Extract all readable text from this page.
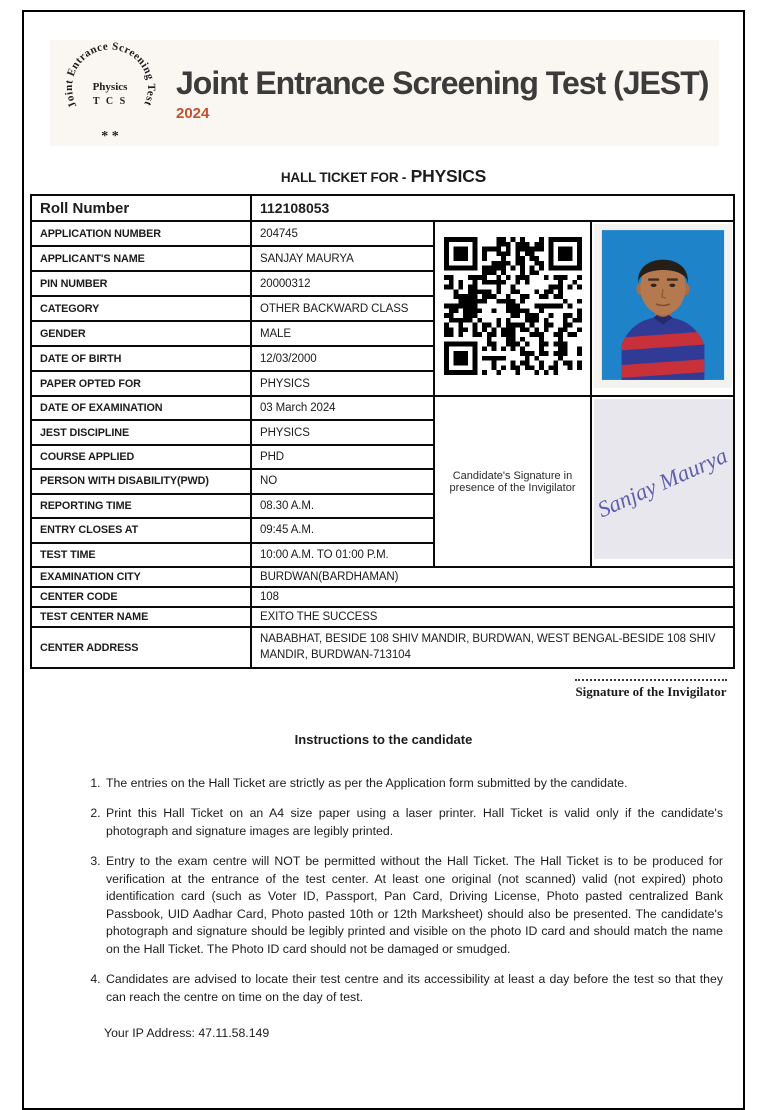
Joint Entrance Screening Test
Physics
T C S
* *
Joint Entrance Screening Test (JEST)
2024
HALL TICKET FOR - PHYSICS
Roll Number	112108053		
APPLICATION NUMBER	204745		
APPLICANT'S NAME	SANJAY MAURYA		
PIN NUMBER	20000312		
CATEGORY	OTHER BACKWARD CLASS		
GENDER	MALE		
DATE OF BIRTH	12/03/2000		
PAPER OPTED FOR	PHYSICS		
DATE OF EXAMINATION	03 March 2024	Candidate's Signature in presence of the Invigilator	Sanjay Maurya

JEST DISCIPLINE	PHYSICS		
COURSE APPLIED	PHD		
PERSON WITH DISABILITY(PWD)	NO		
REPORTING TIME	08.30 A.M.		
ENTRY CLOSES AT	09:45 A.M.		
TEST TIME	10:00 A.M. TO 01:00 P.M.		
EXAMINATION CITY	BURDWAN(BARDHAMAN)		
CENTER CODE	108		
TEST CENTER NAME	EXITO THE SUCCESS		
CENTER ADDRESS	NABABHAT, BESIDE 108 SHIV MANDIR, BURDWAN, WEST BENGAL-BESIDE 108 SHIV MANDIR, BURDWAN-713104		
Signature of the Invigilator
Instructions to the candidate
1. The entries on the Hall Ticket are strictly as per the Application form submitted by the candidate.
2. Print this Hall Ticket on an A4 size paper using a laser printer. Hall Ticket is valid only if the candidate's photograph and signature images are legibly printed.
3. Entry to the exam centre will NOT be permitted without the Hall Ticket. The Hall Ticket is to be produced for verification at the entrance of the test center. At least one original (not scanned) valid (not expired) photo identification card (such as Voter ID, Passport, Pan Card, Driving License, Photo pasted centralized Bank Passbook, UID Aadhar Card, Photo pasted 10th or 12th Marksheet) should also be presented. The candidate's photograph and signature should be legibly printed and visible on the photo ID card and should match the name on the Hall Ticket. The Photo ID card should not be damaged or smudged.
4. Candidates are advised to locate their test centre and its accessibility at least a day before the test so that they can reach the centre on time on the day of test.
Your IP Address: 47.11.58.149
